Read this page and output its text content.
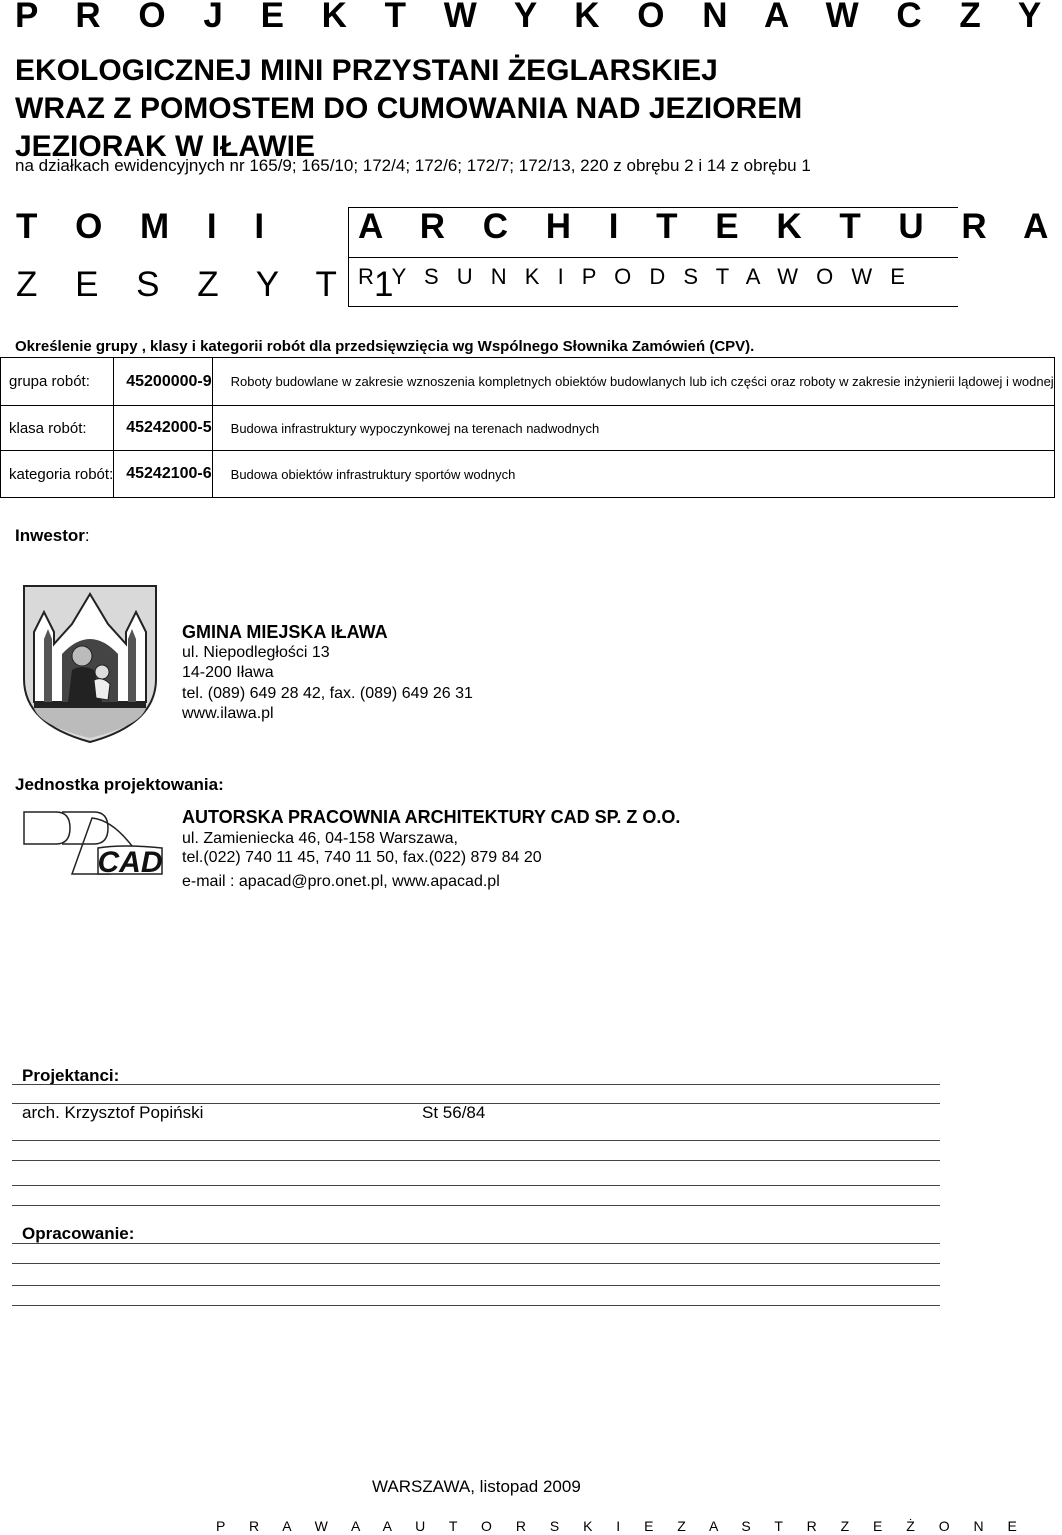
P R O J E K T W Y K O N A W C Z Y
EKOLOGICZNEJ MINI PRZYSTANI ŻEGLARSKIEJ
WRAZ Z POMOSTEM DO CUMOWANIA NAD JEZIOREM
JEZIORAK W IŁAWIE
na działkach ewidencyjnych nr 165/9; 165/10; 172/4; 172/6; 172/7; 172/13, 220 z obrębu 2 i 14 z obrębu 1
T O M I I
Z E S Z Y T 1
A R C H I T E K T U R A
R Y S U N K I P O D S T A W O W E
Określenie grupy , klasy i kategorii robót dla przedsięwzięcia wg Wspólnego Słownika Zamówień (CPV).
grupa robót:	45200000-9	Roboty budowlane w zakresie wznoszenia kompletnych obiektów budowlanych lub ich części oraz roboty w zakresie inżynierii lądowej i wodnej
klasa robót:	45242000-5	Budowa infrastruktury wypoczynkowej na terenach nadwodnych
kategoria robót:	45242100-6	Budowa obiektów infrastruktury sportów wodnych
Inwestor:
GMINA MIEJSKA IŁAWA
ul. Niepodległości 13
14-200 Iława
tel. (089) 649 28 42, fax. (089) 649 26 31
www.ilawa.pl
Jednostka projektowania:
CAD
AUTORSKA PRACOWNIA ARCHITEKTURY CAD SP. Z O.O.
ul. Zamieniecka 46, 04-158 Warszawa,
tel.(022) 740 11 45, 740 11 50, fax.(022) 879 84 20
e-mail : apacad@pro.onet.pl, www.apacad.pl
Projektanci:
arch. Krzysztof Popiński	St 56/84
Opracowanie:
WARSZAWA, listopad 2009
P R A W A A U T O R S K I E Z A S T R Z E Ż O N E
